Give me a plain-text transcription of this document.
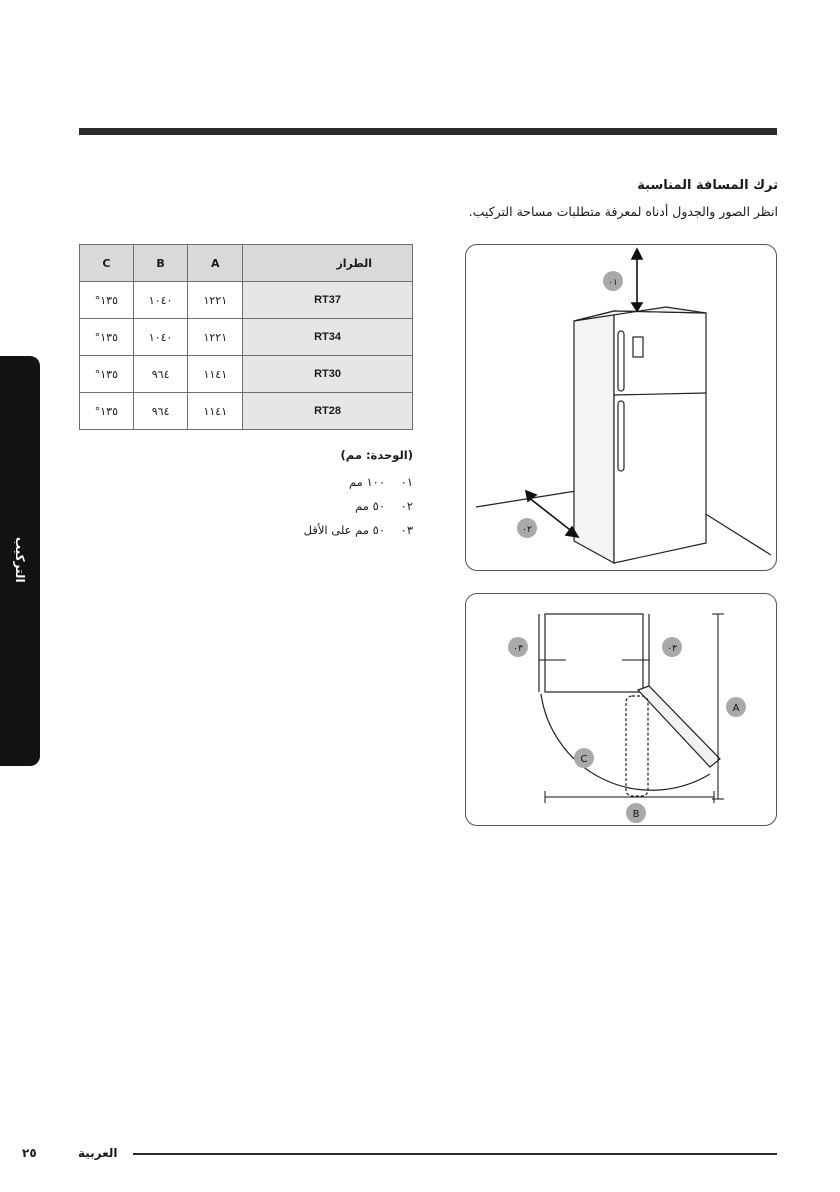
ترك المسافة المناسبة
انظر الصور والجدول أدناه لمعرفة متطلبات مساحة التركيب.
التركيب
الطراز	A	B	C
RT37	١٢٢١	١٠٤٠	١٣٥°
RT34	١٢٢١	١٠٤٠	١٣٥°
RT30	١١٤١	٩٦٤	١٣٥°
RT28	١١٤١	٩٦٤	١٣٥°
(الوحدة: مم)
٠١
١٠٠ مم
٠٢
٥٠ مم
٠٣
٥٠ مم على الأقل
٠١
٠٢
٠٣	٠٣
A
B
C
العربية
٢٥
